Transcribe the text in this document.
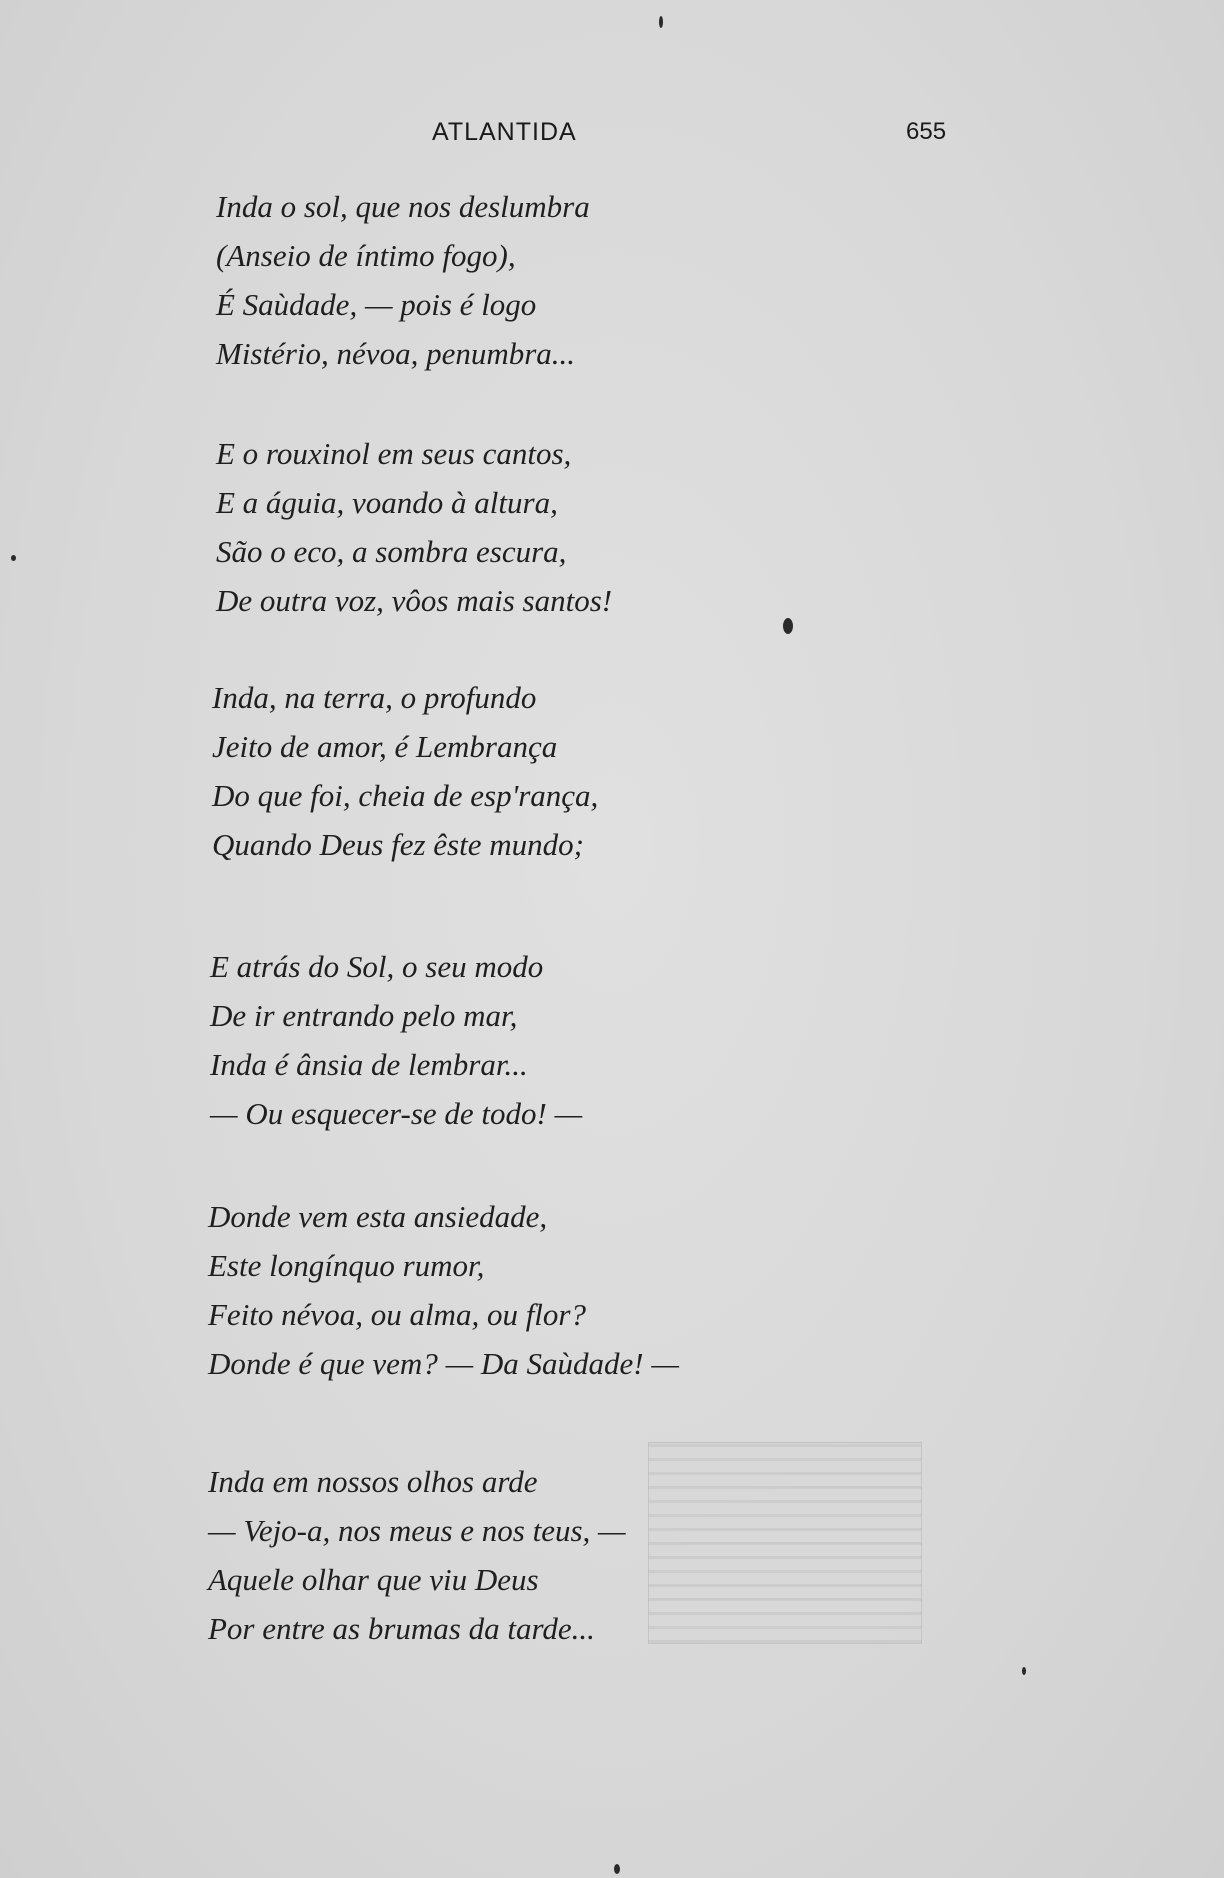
ATLANTIDA	655
Inda o sol, que nos deslumbra
(Anseio de íntimo fogo),
É Saùdade, — pois é logo
Mistério, névoa, penumbra...
E o rouxinol em seus cantos,
E a águia, voando à altura,
São o eco, a sombra escura,
De outra voz, vôos mais santos!
Inda, na terra, o profundo
Jeito de amor, é Lembrança
Do que foi, cheia de esp'rança,
Quando Deus fez êste mundo;
E atrás do Sol, o seu modo
De ir entrando pelo mar,
Inda é ânsia de lembrar...
— Ou esquecer-se de todo! —
Donde vem esta ansiedade,
Este longínquo rumor,
Feito névoa, ou alma, ou flor?
Donde é que vem? — Da Saùdade! —
Inda em nossos olhos arde
— Vejo-a, nos meus e nos teus, —
Aquele olhar que viu Deus
Por entre as brumas da tarde...
